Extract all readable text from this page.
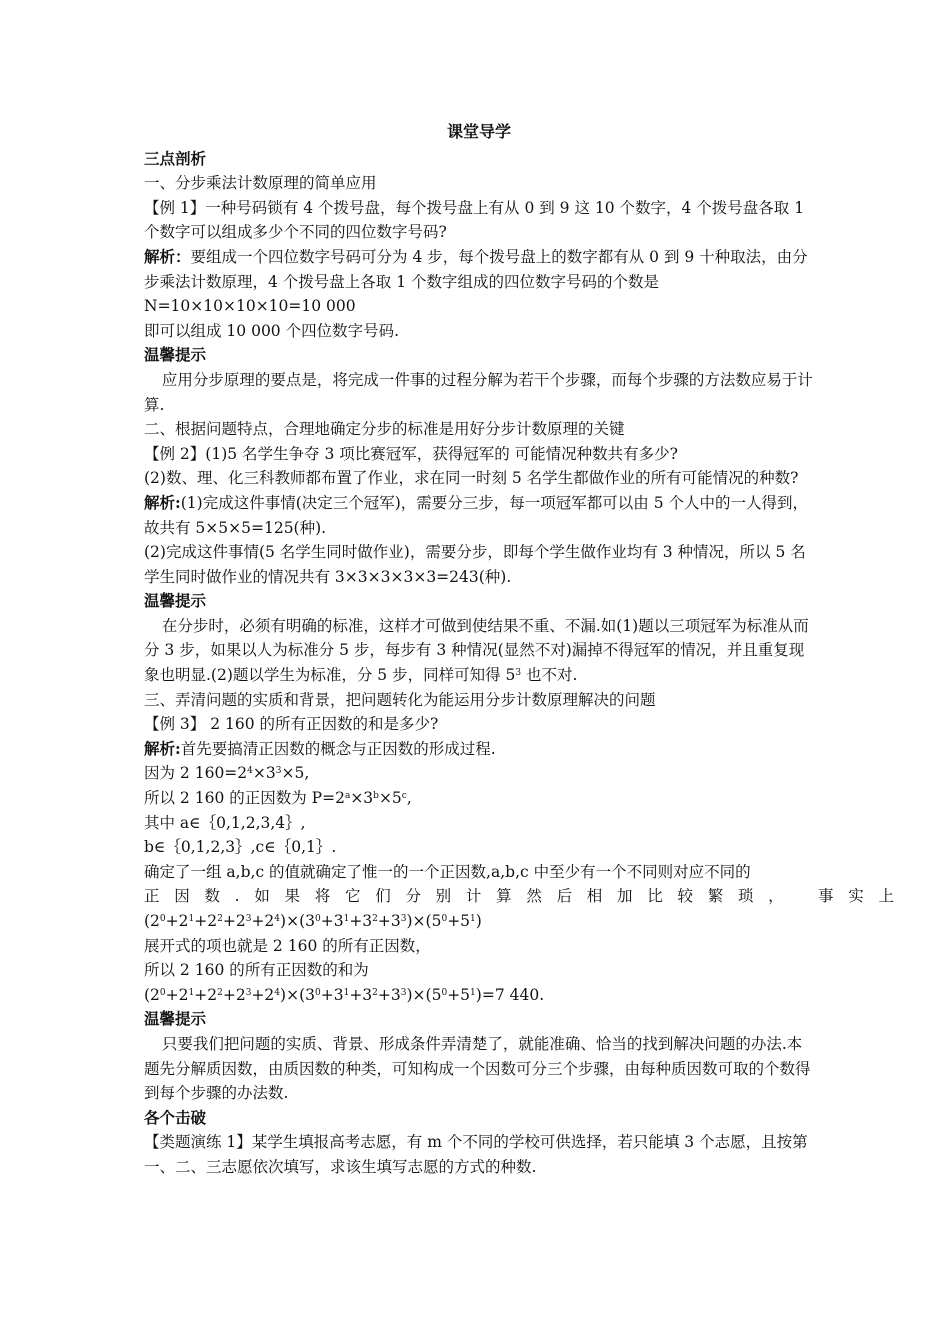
课堂导学
三点剖析
一、分步乘法计数原理的简单应用
【例 1】一种号码锁有 4 个拨号盘，每个拨号盘上有从 0 到 9 这 10 个数字，4 个拨号盘各取 1 个数字可以组成多少个不同的四位数字号码?
解析：要组成一个四位数字号码可分为 4 步，每个拨号盘上的数字都有从 0 到 9 十种取法，由分步乘法计数原理，4 个拨号盘上各取 1 个数字组成的四位数字号码的个数是
N=10×10×10×10=10 000
即可以组成 10 000 个四位数字号码.
温馨提示
应用分步原理的要点是，将完成一件事的过程分解为若干个步骤，而每个步骤的方法数应易于计算.
二、根据问题特点，合理地确定分步的标准是用好分步计数原理的关键
【例 2】(1)5 名学生争夺 3 项比赛冠军，获得冠军的 可能情况种数共有多少?
(2)数、理、化三科教师都布置了作业，求在同一时刻 5 名学生都做作业的所有可能情况的种数?
解析:(1)完成这件事情(决定三个冠军)，需要分三步，每一项冠军都可以由 5 个人中的一人得到，故共有 5×5×5=125(种).
(2)完成这件事情(5 名学生同时做作业)，需要分步，即每个学生做作业均有 3 种情况，所以 5 名学生同时做作业的情况共有 3×3×3×3×3=243(种).
温馨提示
在分步时，必须有明确的标准，这样才可做到使结果不重、不漏.如(1)题以三项冠军为标准从而分 3 步，如果以人为标准分 5 步，每步有 3 种情况(显然不对)漏掉不得冠军的情况，并且重复现象也明显.(2)题以学生为标准，分 5 步，同样可知得 $5^3$ 也不对.
三、弄清问题的实质和背景，把问题转化为能运用分步计数原理解决的问题
【例 3】 2 160 的所有正因数的和是多少?
解析:首先要搞清正因数的概念与正因数的形成过程.
因为 2 $160=2^4\times 3^3\times 5$,
所以 2 160 的正因数为 $P=2^a\times 3^b\times 5^c$,
其中 a∈｛0,1,2,3,4｝,
b∈｛0,1,2,3｝,c∈｛0,1｝.
确定了一组 a,b,c 的值就确定了惟一的一个正因数,a,b,c 中至少有一个不同则对应不同的
正因数.如果将它们分别计算然后相加比较繁琐， 事实上
$(2^0+2^1+2^2+2^3+2^4)\times(3^0+3^1+3^2+3^3)\times(5^0+5^1)$
展开式的项也就是 2 160 的所有正因数，
所以 2 160 的所有正因数的和为
$(2^0+2^1+2^2+2^3+2^4)\times(3^0+3^1+3^2+3^3)\times(5^0+5^1)=7$ 440.
温馨提示
只要我们把问题的实质、背景、形成条件弄清楚了，就能准确、恰当的找到解决问题的办法.本题先分解质因数，由质因数的种类，可知构成一个因数可分三个步骤，由每种质因数可取的个数得到每个步骤的办法数.
各个击破
【类题演练 1】某学生填报高考志愿，有 m 个不同的学校可供选择，若只能填 3 个志愿，且按第一、二、三志愿依次填写，求该生填写志愿的方式的种数.
